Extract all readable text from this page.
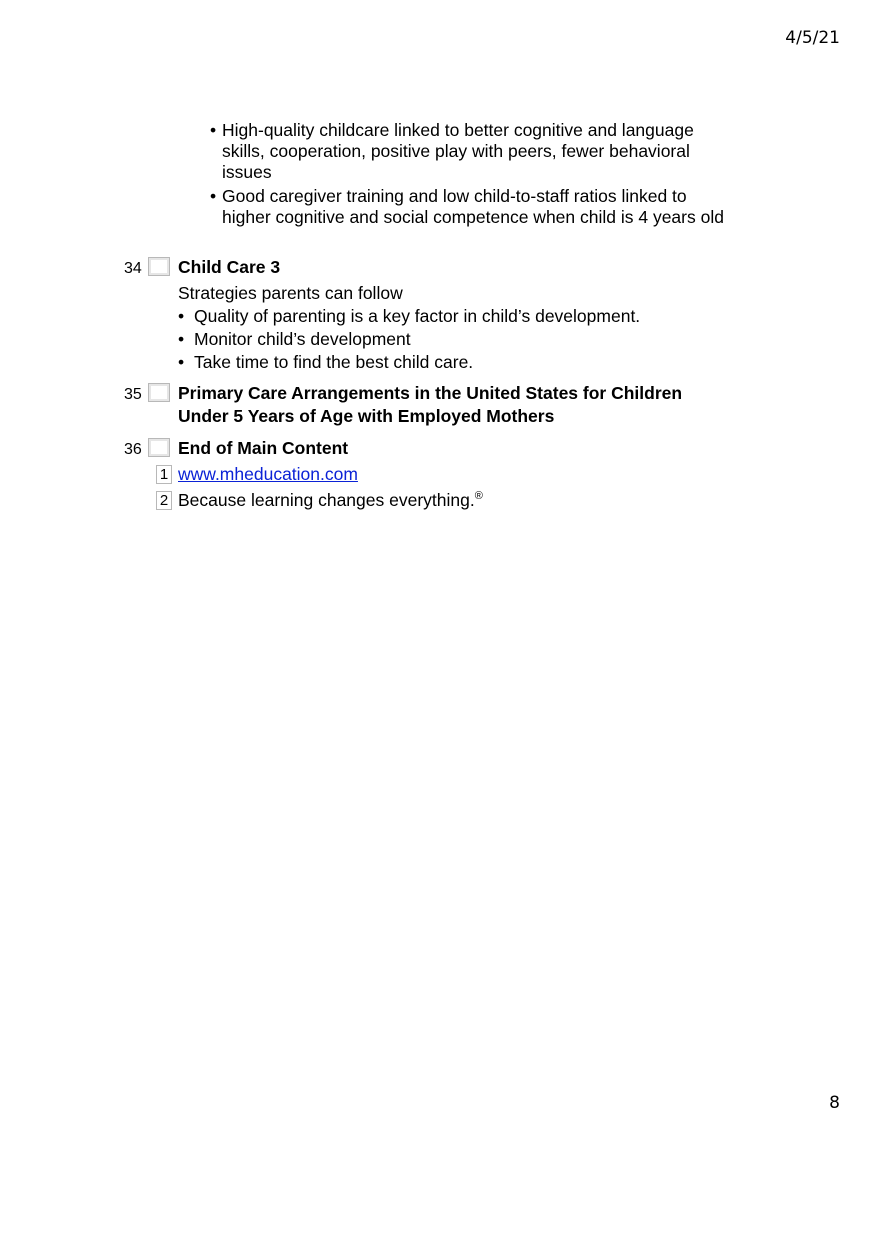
4/5/21
• High-quality childcare linked to better cognitive and language skills, cooperation, positive play with peers, fewer behavioral issues
• Good caregiver training and low child-to-staff ratios linked to higher cognitive and social competence when child is 4 years old
34 Child Care 3
Strategies parents can follow
• Quality of parenting is a key factor in child’s development.
• Monitor child’s development
• Take time to find the best child care.
35 Primary Care Arrangements in the United States for Children Under 5 Years of Age with Employed Mothers
36 End of Main Content
1 www.mheducation.com
2 Because learning changes everything.®
8
